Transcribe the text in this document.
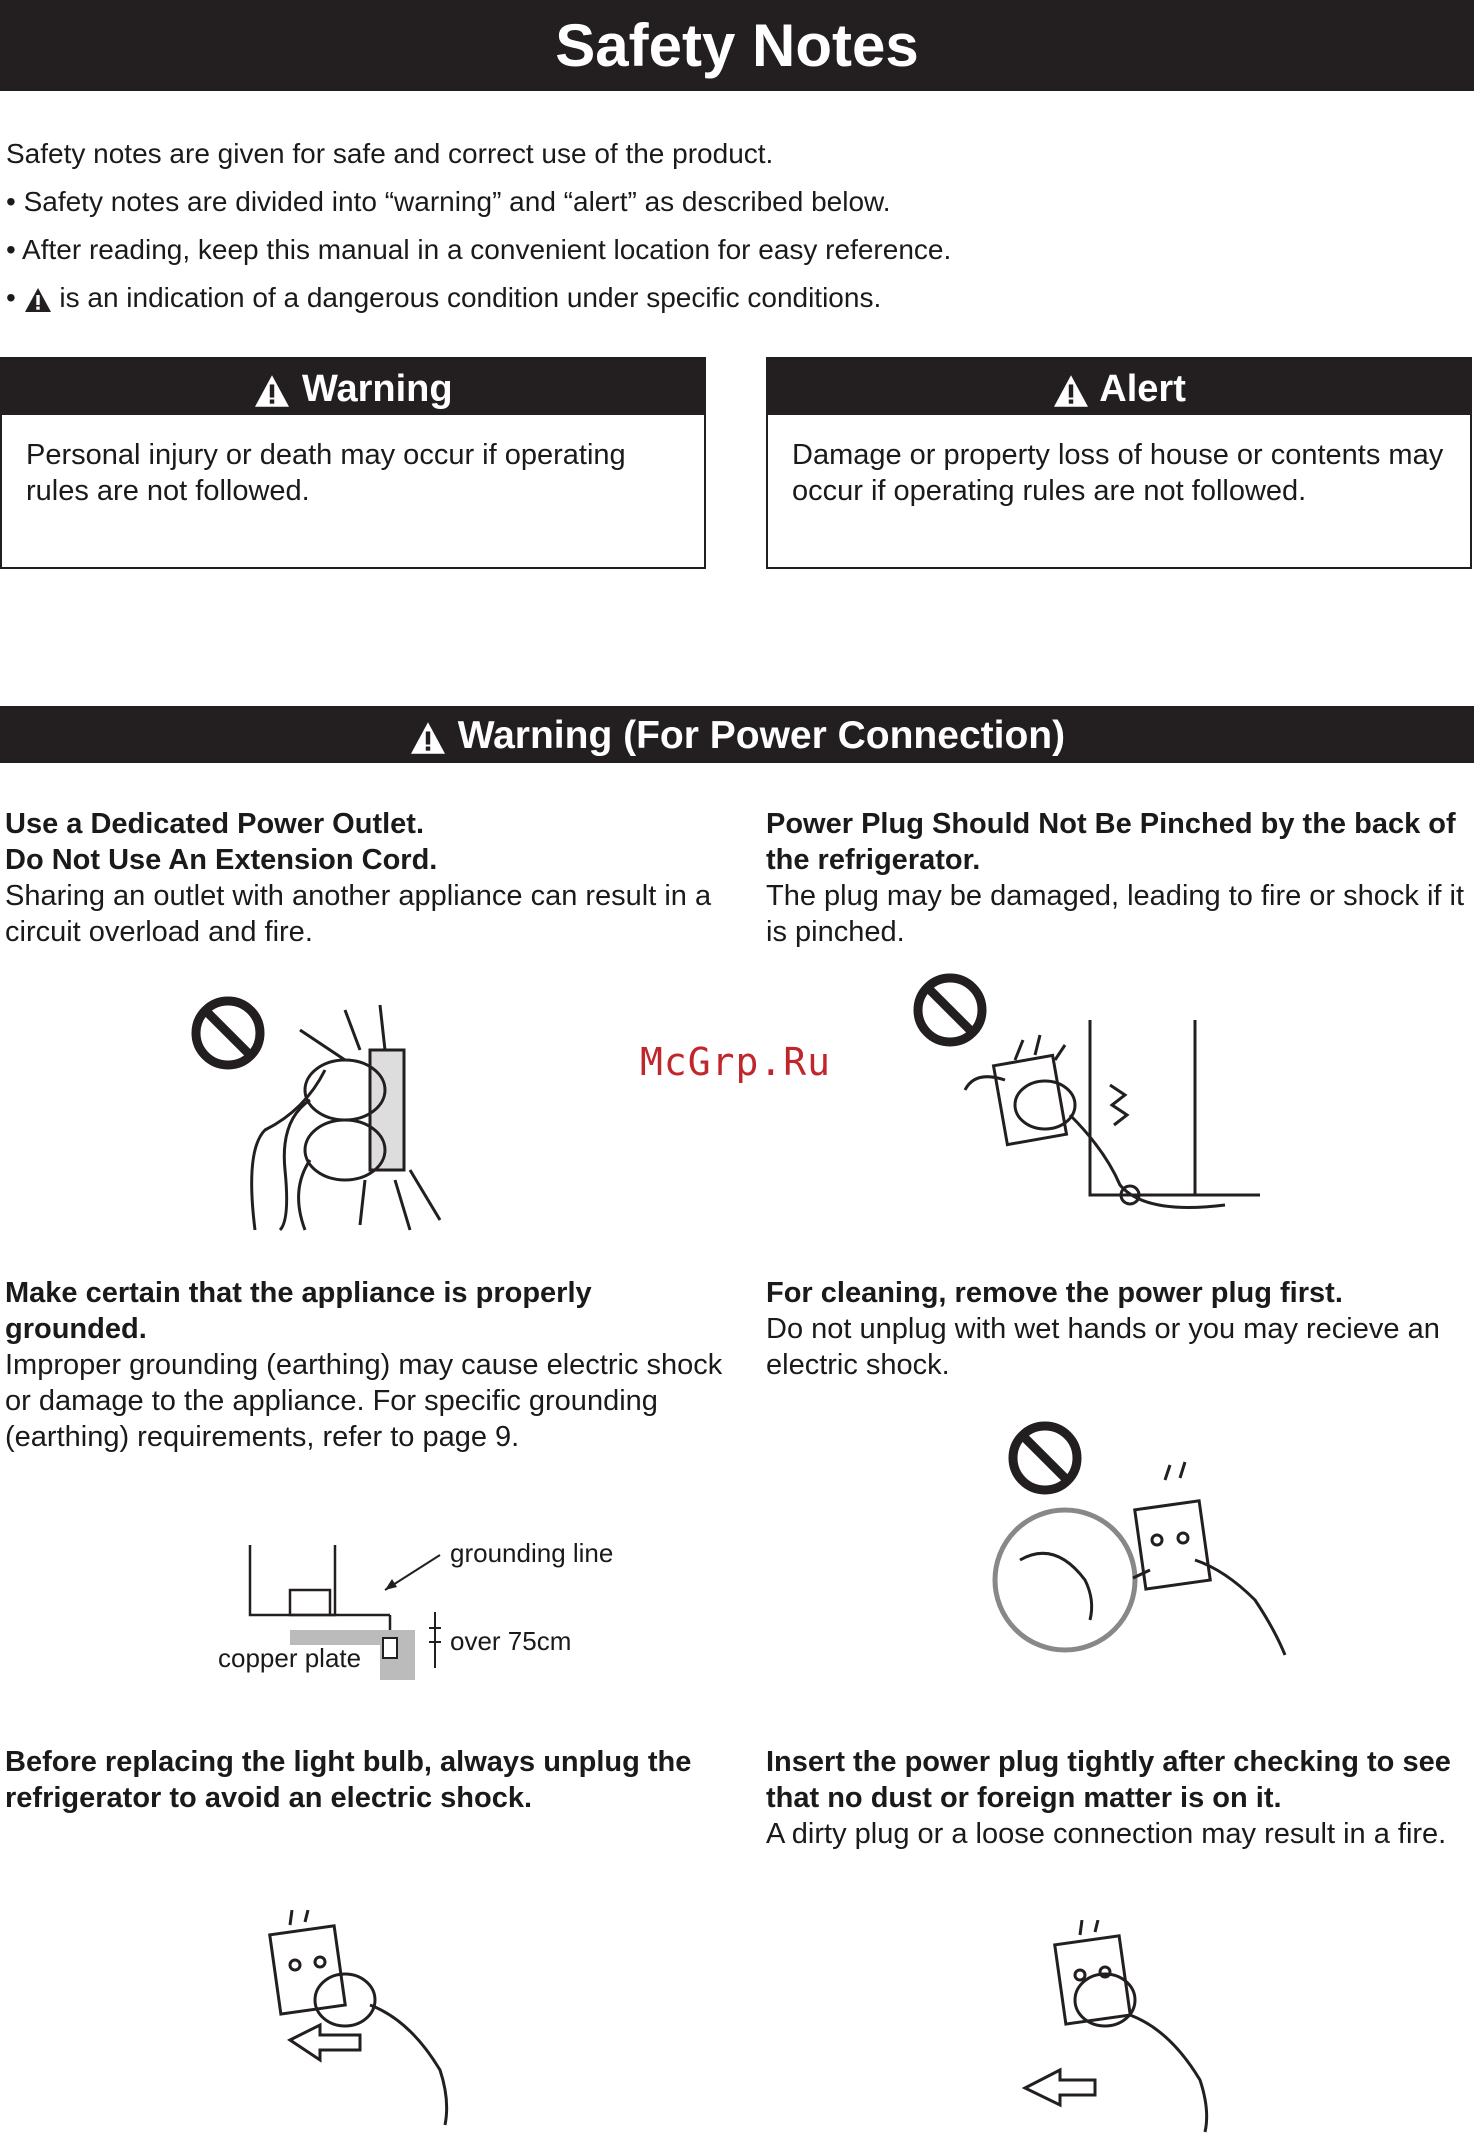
Safety Notes

Safety notes are given for safe and correct use of the product.

• Safety notes are divided into “warning” and “alert” as described below.

• After reading, keep this manual in a convenient location for easy reference.

• is an indication of a dangerous condition under specific conditions.

Warning
Personal injury or death may occur if operating rules are not followed.
Alert
Damage or property loss of house or contents may occur if operating rules are not followed.
Warning (For Power Connection)
Use a Dedicated Power Outlet.
Do Not Use An Extension Cord.
Sharing an outlet with another appliance can result in a circuit overload and fire.
Power Plug Should Not Be Pinched by the back of the refrigerator.
The plug may be damaged, leading to fire or shock if it is pinched.
McGrp.Ru
Make certain that the appliance is properly grounded.
Improper grounding (earthing) may cause electric shock or damage to the appliance. For specific grounding (earthing) requirements, refer to page 9.
For cleaning, remove the power plug first.
Do not unplug with wet hands or you may recieve an electric shock.
grounding line
copper plate
over 75cm
Before replacing the light bulb, always unplug the refrigerator to avoid an electric shock.
Insert the power plug tightly after checking to see that no dust or foreign matter is on it.
A dirty plug or a loose connection may result in a fire.
